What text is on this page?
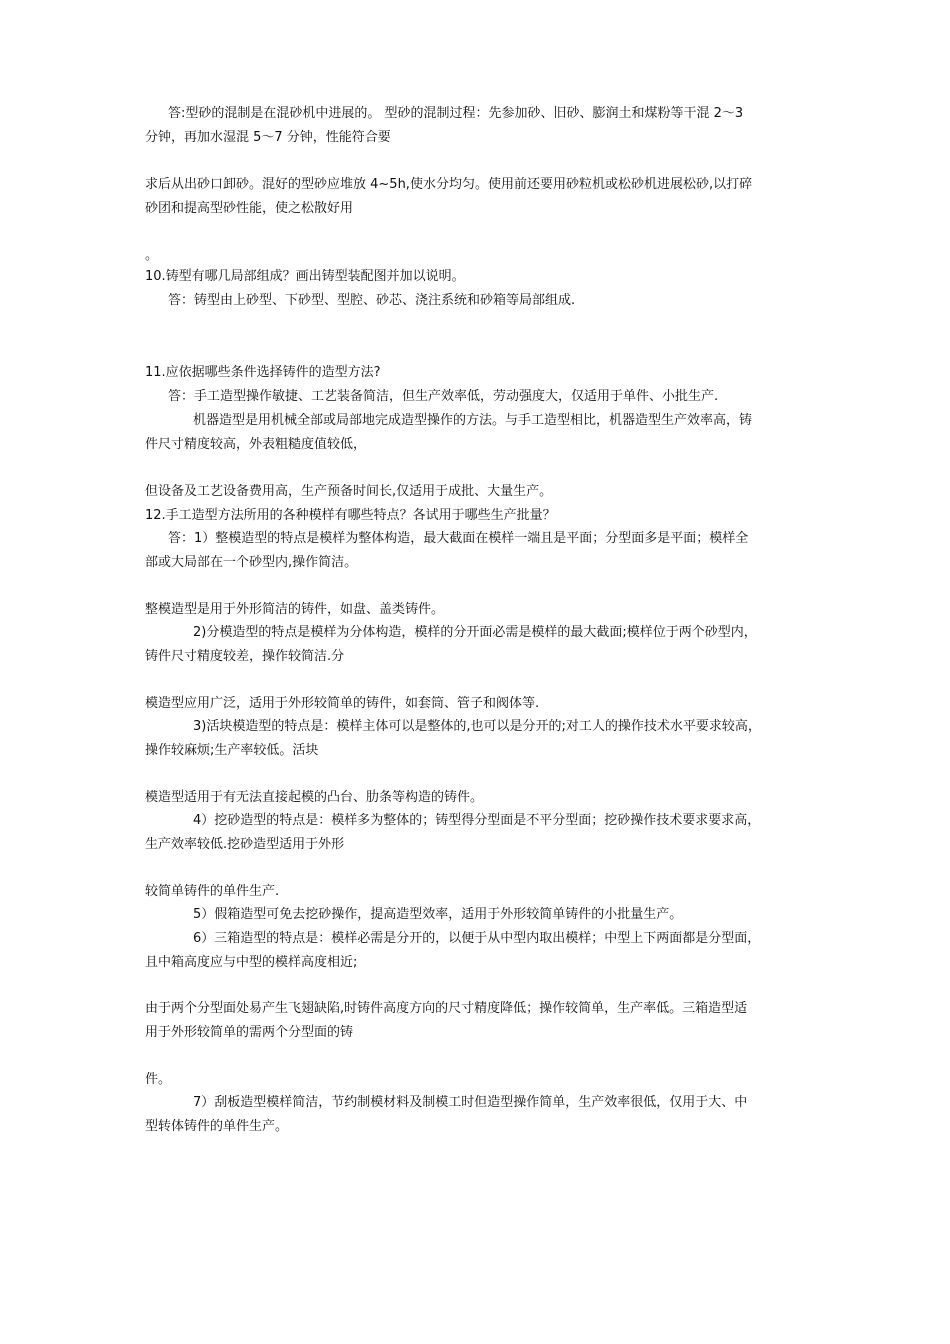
答:型砂的混制是在混砂机中进展的。 型砂的混制过程：先参加砂、旧砂、膨润土和煤粉等干混 2～3
分钟，再加水湿混 5～7 分钟，性能符合要
求后从出砂口卸砂。混好的型砂应堆放 4~5h,使水分均匀。使用前还要用砂粒机或松砂机进展松砂,以打碎
砂团和提高型砂性能，使之松散好用
。
10.铸型有哪几局部组成？画出铸型装配图并加以说明。
答：铸型由上砂型、下砂型、型腔、砂芯、浇注系统和砂箱等局部组成.
11.应依据哪些条件选择铸件的造型方法?
答：手工造型操作敏捷、工艺装备简洁，但生产效率低，劳动强度大，仅适用于单件、小批生产.
机器造型是用机械全部或局部地完成造型操作的方法。与手工造型相比，机器造型生产效率高，铸
件尺寸精度较高，外表粗糙度值较低，
但设备及工艺设备费用高，生产预备时间长,仅适用于成批、大量生产。
12.手工造型方法所用的各种模样有哪些特点？各试用于哪些生产批量？
答：1）整模造型的特点是模样为整体构造，最大截面在模样一端且是平面；分型面多是平面；模样全
部或大局部在一个砂型内,操作简洁。
整模造型是用于外形简洁的铸件，如盘、盖类铸件。
2)分模造型的特点是模样为分体构造，模样的分开面必需是模样的最大截面;模样位于两个砂型内，
铸件尺寸精度较差，操作较简洁.分
模造型应用广泛，适用于外形较简单的铸件，如套筒、管子和阀体等.
3)活块模造型的特点是：模样主体可以是整体的,也可以是分开的;对工人的操作技术水平要求较高，
操作较麻烦;生产率较低。活块
模造型适用于有无法直接起模的凸台、肋条等构造的铸件。
4）挖砂造型的特点是：模样多为整体的；铸型得分型面是不平分型面；挖砂操作技术要求要求高，
生产效率较低.挖砂造型适用于外形
较简单铸件的单件生产.
5）假箱造型可免去挖砂操作，提高造型效率，适用于外形较简单铸件的小批量生产。
6）三箱造型的特点是：模样必需是分开的，以便于从中型内取出模样；中型上下两面都是分型面，
且中箱高度应与中型的模样高度相近;
由于两个分型面处易产生飞翅缺陷,时铸件高度方向的尺寸精度降低；操作较简单，生产率低。三箱造型适
用于外形较简单的需两个分型面的铸
件。
7）刮板造型模样简洁，节约制模材料及制模工时但造型操作简单，生产效率很低，仅用于大、中
型转体铸件的单件生产。
